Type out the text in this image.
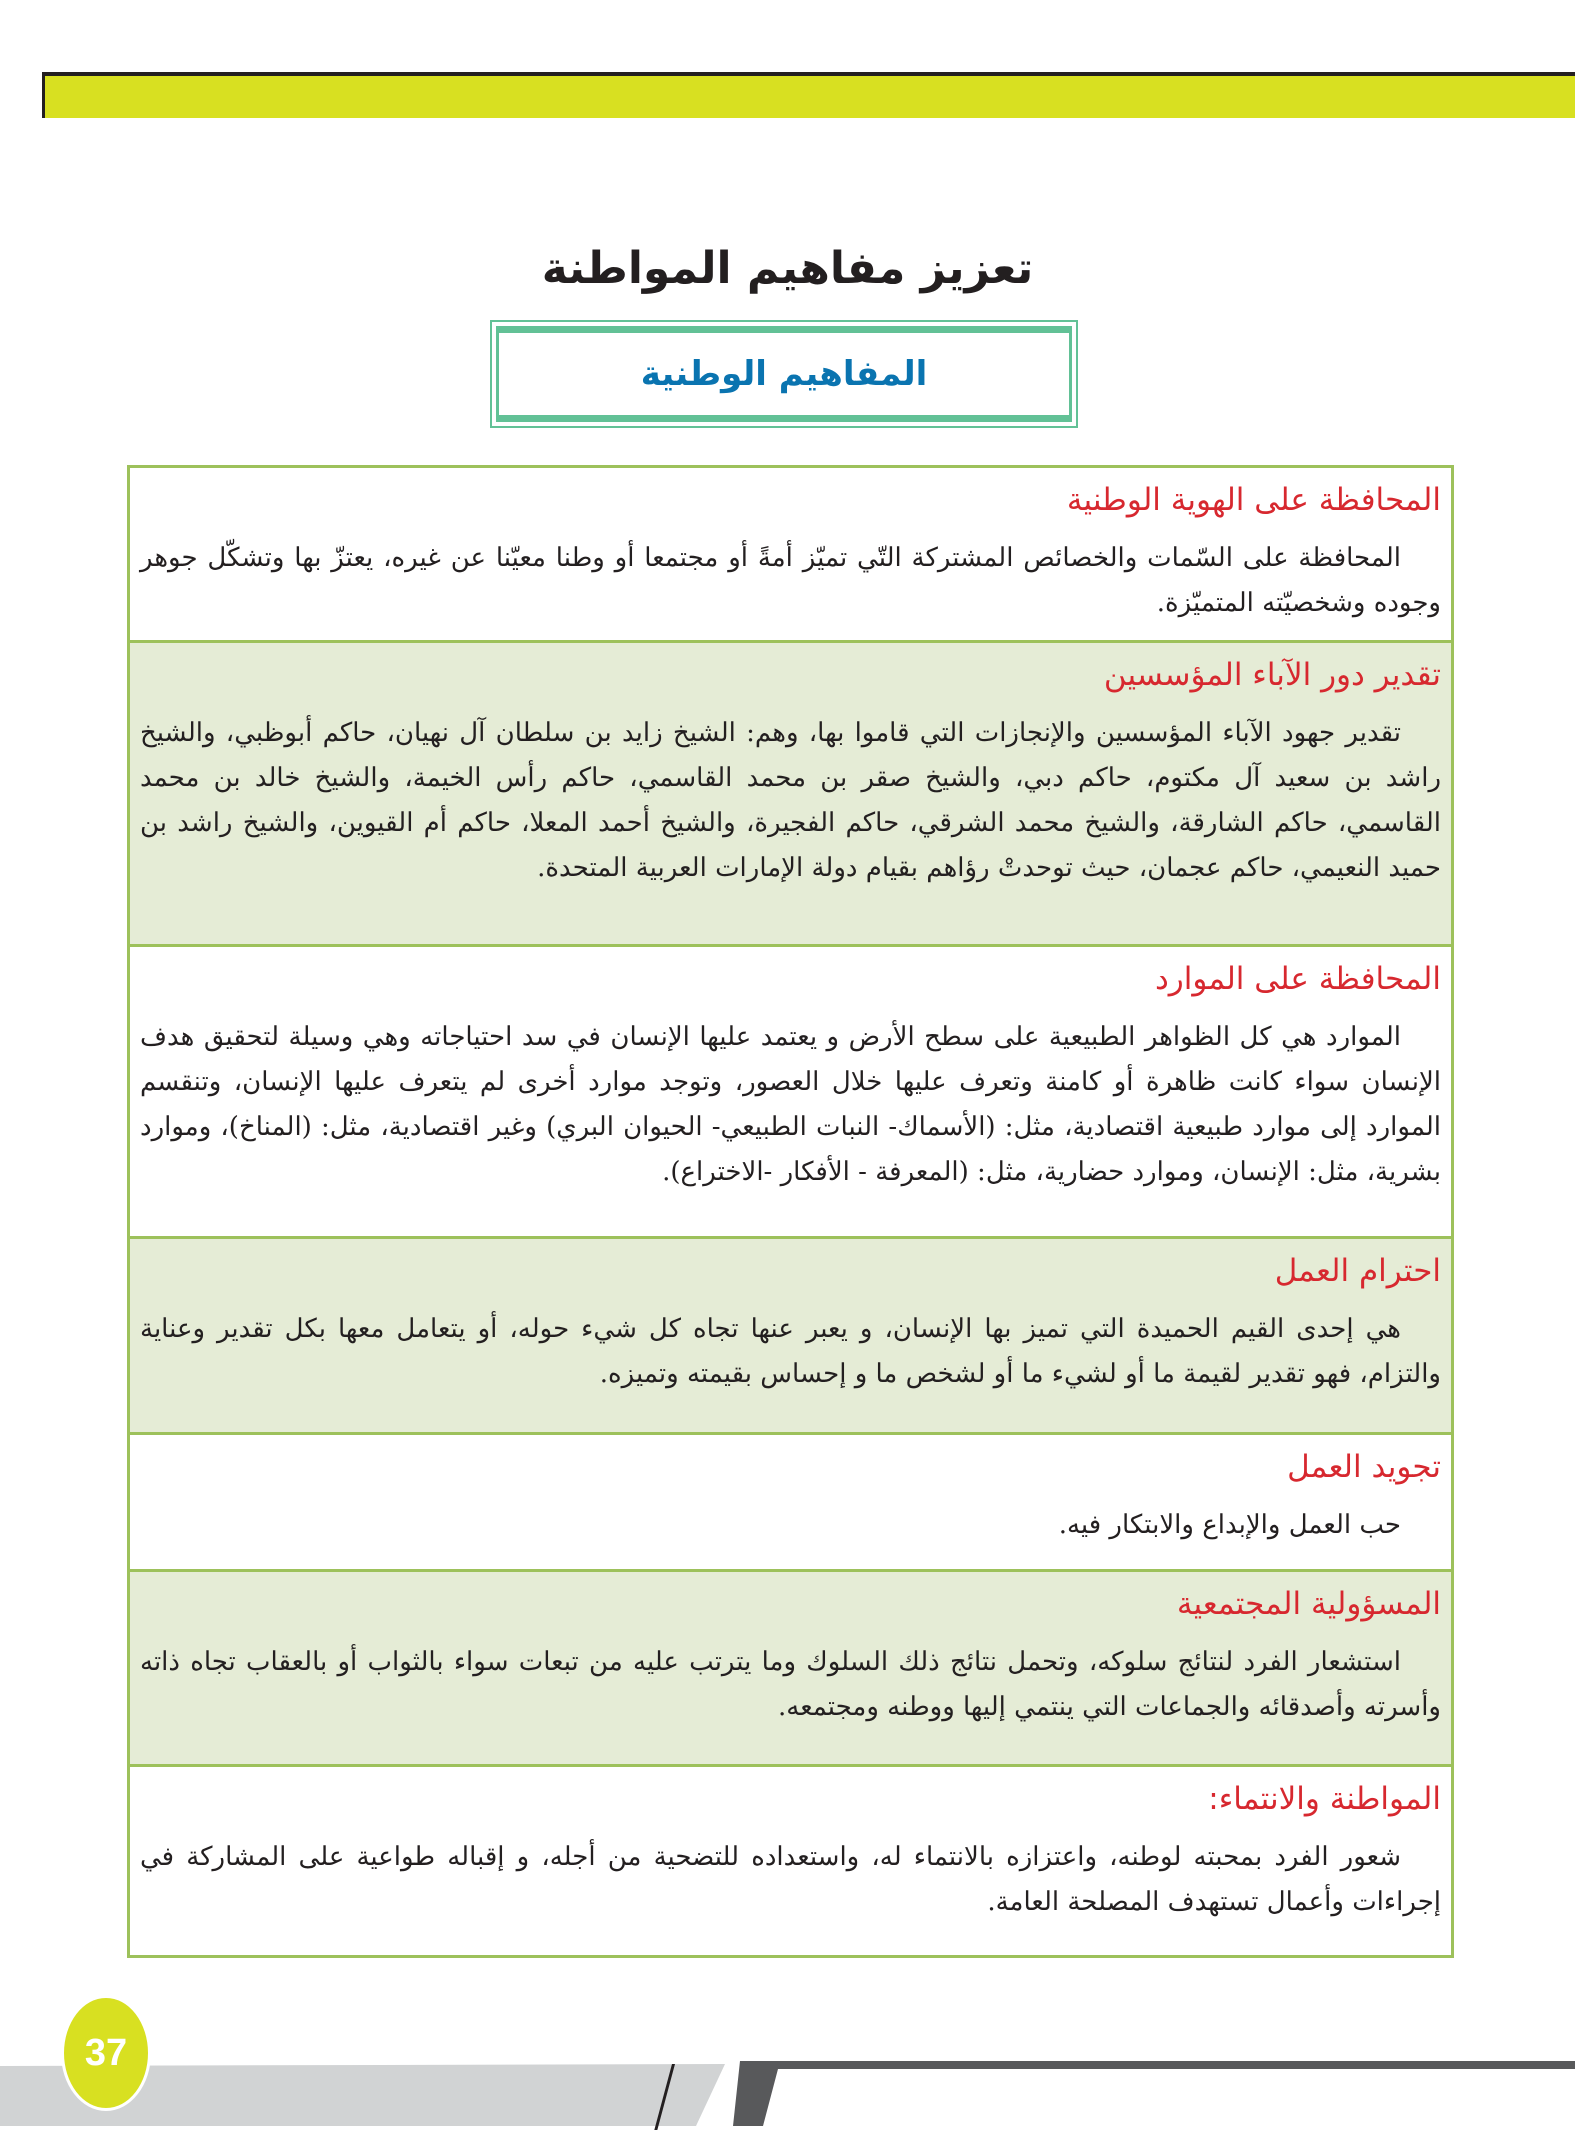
تعزيز مفاهيم المواطنة
المفاهيم الوطنية
المحافظة على الهوية الوطنية

المحافظة على السّمات والخصائص المشتركة التّي تميّز أمةً أو مجتمعا أو وطنا معيّنا عن غيره، يعتزّ بها وتشكّل جوهر وجوده وشخصيّته المتميّزة.

تقدير دور الآباء المؤسسين

تقدير جهود الآباء المؤسسين والإنجازات التي قاموا بها، وهم: الشيخ زايد بن سلطان آل نهيان، حاكم أبوظبي، والشيخ راشد بن سعيد آل مكتوم، حاكم دبي، والشيخ صقر بن محمد القاسمي، حاكم رأس الخيمة، والشيخ خالد بن محمد القاسمي، حاكم الشارقة، والشيخ محمد الشرقي، حاكم الفجيرة، والشيخ أحمد المعلا، حاكم أم القيوين، والشيخ راشد بن حميد النعيمي، حاكم عجمان، حيث توحدتْ رؤاهم بقيام دولة الإمارات العربية المتحدة.

المحافظة على الموارد

الموارد هي كل الظواهر الطبيعية على سطح الأرض و يعتمد عليها الإنسان في سد احتياجاته وهي وسيلة لتحقيق هدف الإنسان سواء كانت ظاهرة أو كامنة وتعرف عليها خلال العصور، وتوجد موارد أخرى لم يتعرف عليها الإنسان، وتنقسم الموارد إلى موارد طبيعية اقتصادية، مثل: (الأسماك- النبات الطبيعي- الحيوان البري) وغير اقتصادية، مثل: (المناخ)، وموارد بشرية، مثل: الإنسان، وموارد حضارية، مثل: (المعرفة - الأفكار -الاختراع).

احترام العمل

هي إحدى القيم الحميدة التي تميز بها الإنسان، و يعبر عنها تجاه كل شيء حوله، أو يتعامل معها بكل تقدير وعناية والتزام، فهو تقدير لقيمة ما أو لشيء ما أو لشخص ما و إحساس بقيمته وتميزه.

تجويد العمل

حب العمل والإبداع والابتكار فيه.

المسؤولية المجتمعية

استشعار الفرد لنتائج سلوكه، وتحمل نتائج ذلك السلوك وما يترتب عليه من تبعات سواء بالثواب أو بالعقاب تجاه ذاته وأسرته وأصدقائه والجماعات التي ينتمي إليها ووطنه ومجتمعه.

المواطنة والانتماء:

شعور الفرد بمحبته لوطنه، واعتزازه بالانتماء له، واستعداده للتضحية من أجله، و إقباله طواعية على المشاركة في إجراءات وأعمال تستهدف المصلحة العامة.

37
